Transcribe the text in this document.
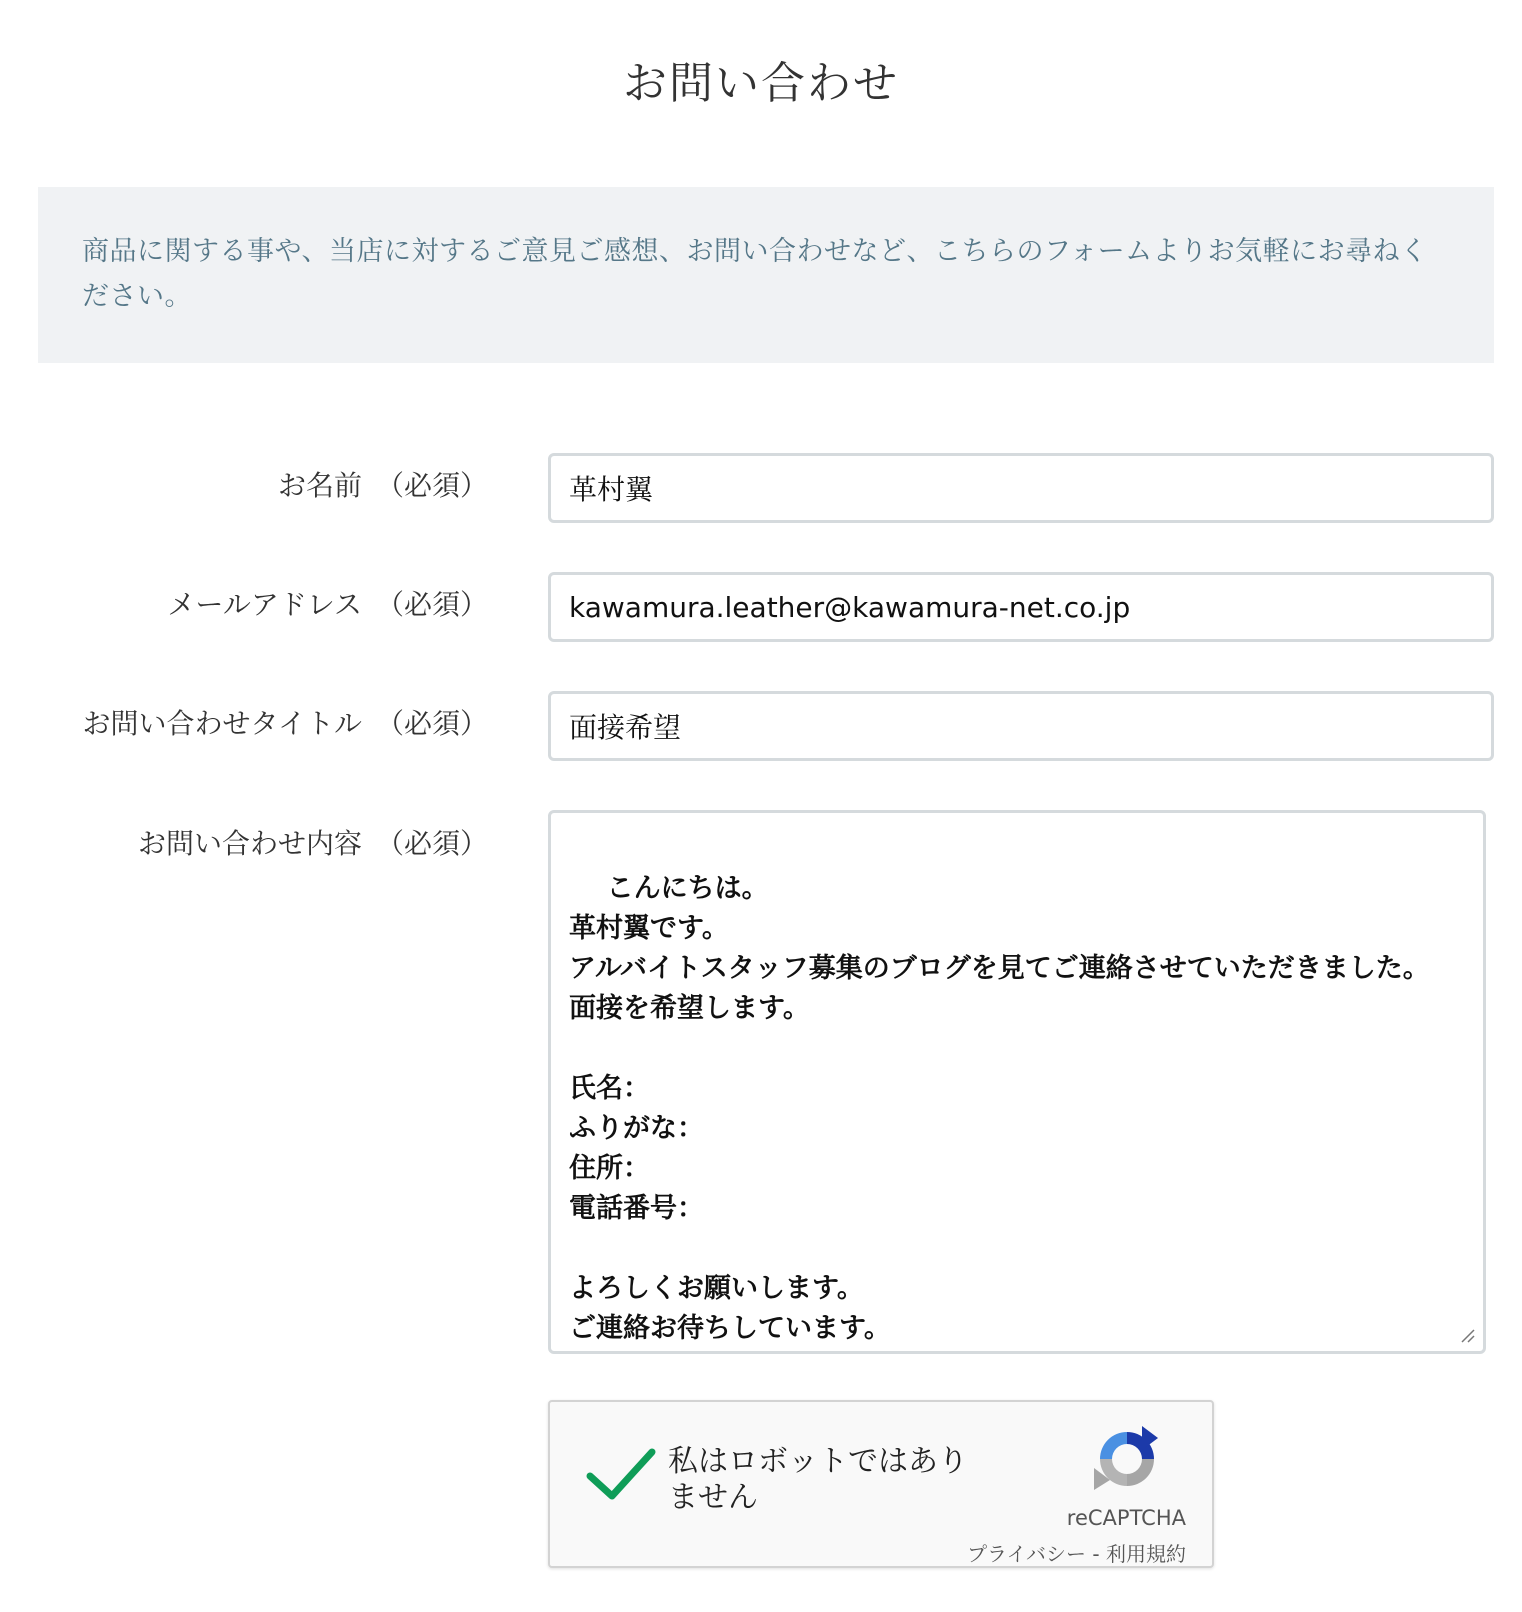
お問い合わせ
商品に関する事や、当店に対するご意見ご感想、お問い合わせなど、こちらのフォームよりお気軽にお尋ねください。
お名前 （必須）
革村翼
メールアドレス （必須）
kawamura.leather@kawamura-net.co.jp
お問い合わせタイトル （必須）
面接希望
お問い合わせ内容 （必須）

こんにちは。
革村翼です。
アルバイトスタッフ募集のブログを見てご連絡させていただきました。
面接を希望します。

氏名：
ふりがな：
住所：
電話番号：

よろしくお願いします。
ご連絡お待ちしています。

私はロボットではありません
reCAPTCHA
プライバシー - 利用規約
